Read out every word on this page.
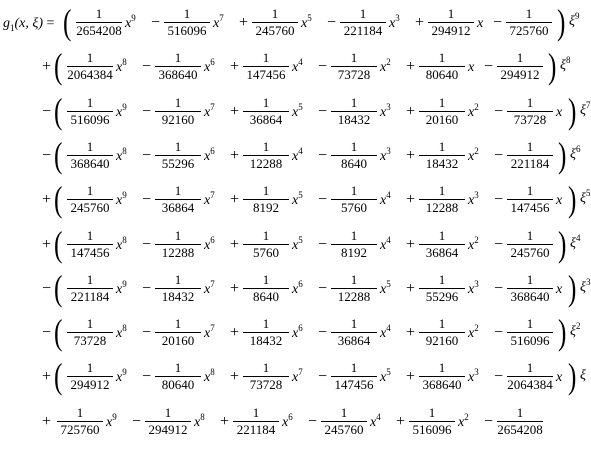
$g_1(x$, ξ) = (	1
2654208 $x^9$ −
1
516096 $x^7$ +
1
245760 $x^5$ −
1
221184 $x^3$ +
1
294912 x −
1
725760 ) $\xi^9$
+ (	1
2064384 $x^8$ −
1
368640 $x^6$ +
1
147456 $x^4$ −
1
73728 $x^2$ +
1
80640 x −
1
294912 ) $\xi^8$
− (	1
516096 $x^9$ −
1
92160 $x^7$ +
1
36864 $x^5$ −
1
18432 $x^3$ +
1
20160 $x^2$ −
1
73728 x ) $\xi^7$
− (	1
368640 $x^8$ −
1
55296 $x^6$ +
1
12288 $x^4$ −
1
8640 $x^3$ +
1
18432 $x^2$ −
1
221184 ) $\xi^6$
+ (	1
245760 $x^9$ −
1
36864 $x^7$ +
1
8192 $x^5$ −
1
5760 $x^4$ +
1
12288 $x^3$ −
1
147456 x ) $\xi^5$
+ (	1
147456 $x^8$ −
1
12288 $x^6$ +
1
5760 $x^5$ −
1
8192 $x^4$ +
1
36864 $x^2$ −
1
245760 ) $\xi^4$
− (	1
221184 $x^9$ −
1
18432 $x^7$ +
1
8640 $x^6$ −
1
12288 $x^5$ +
1
55296 $x^3$ −
1
368640 x ) $\xi^3$
− (	1
73728 $x^8$ −
1
20160 $x^7$ +
1
18432 $x^6$ −
1
36864 $x^4$ +
1
92160 $x^2$ −
1
516096 ) $\xi^2$
+ (	1
294912 $x^9$ −
1
80640 $x^8$ +
1
73728 $x^7$ −
1
147456 $x^5$ +
1
368640 $x^3$ −
1
2064384 x ) ξ
+
1
725760 $x^9$ −
1
294912 $x^8$ +
1
221184 $x^6$ −
1
245760 $x^4$ +
1
516096 $x^2$ −
1
2654208
